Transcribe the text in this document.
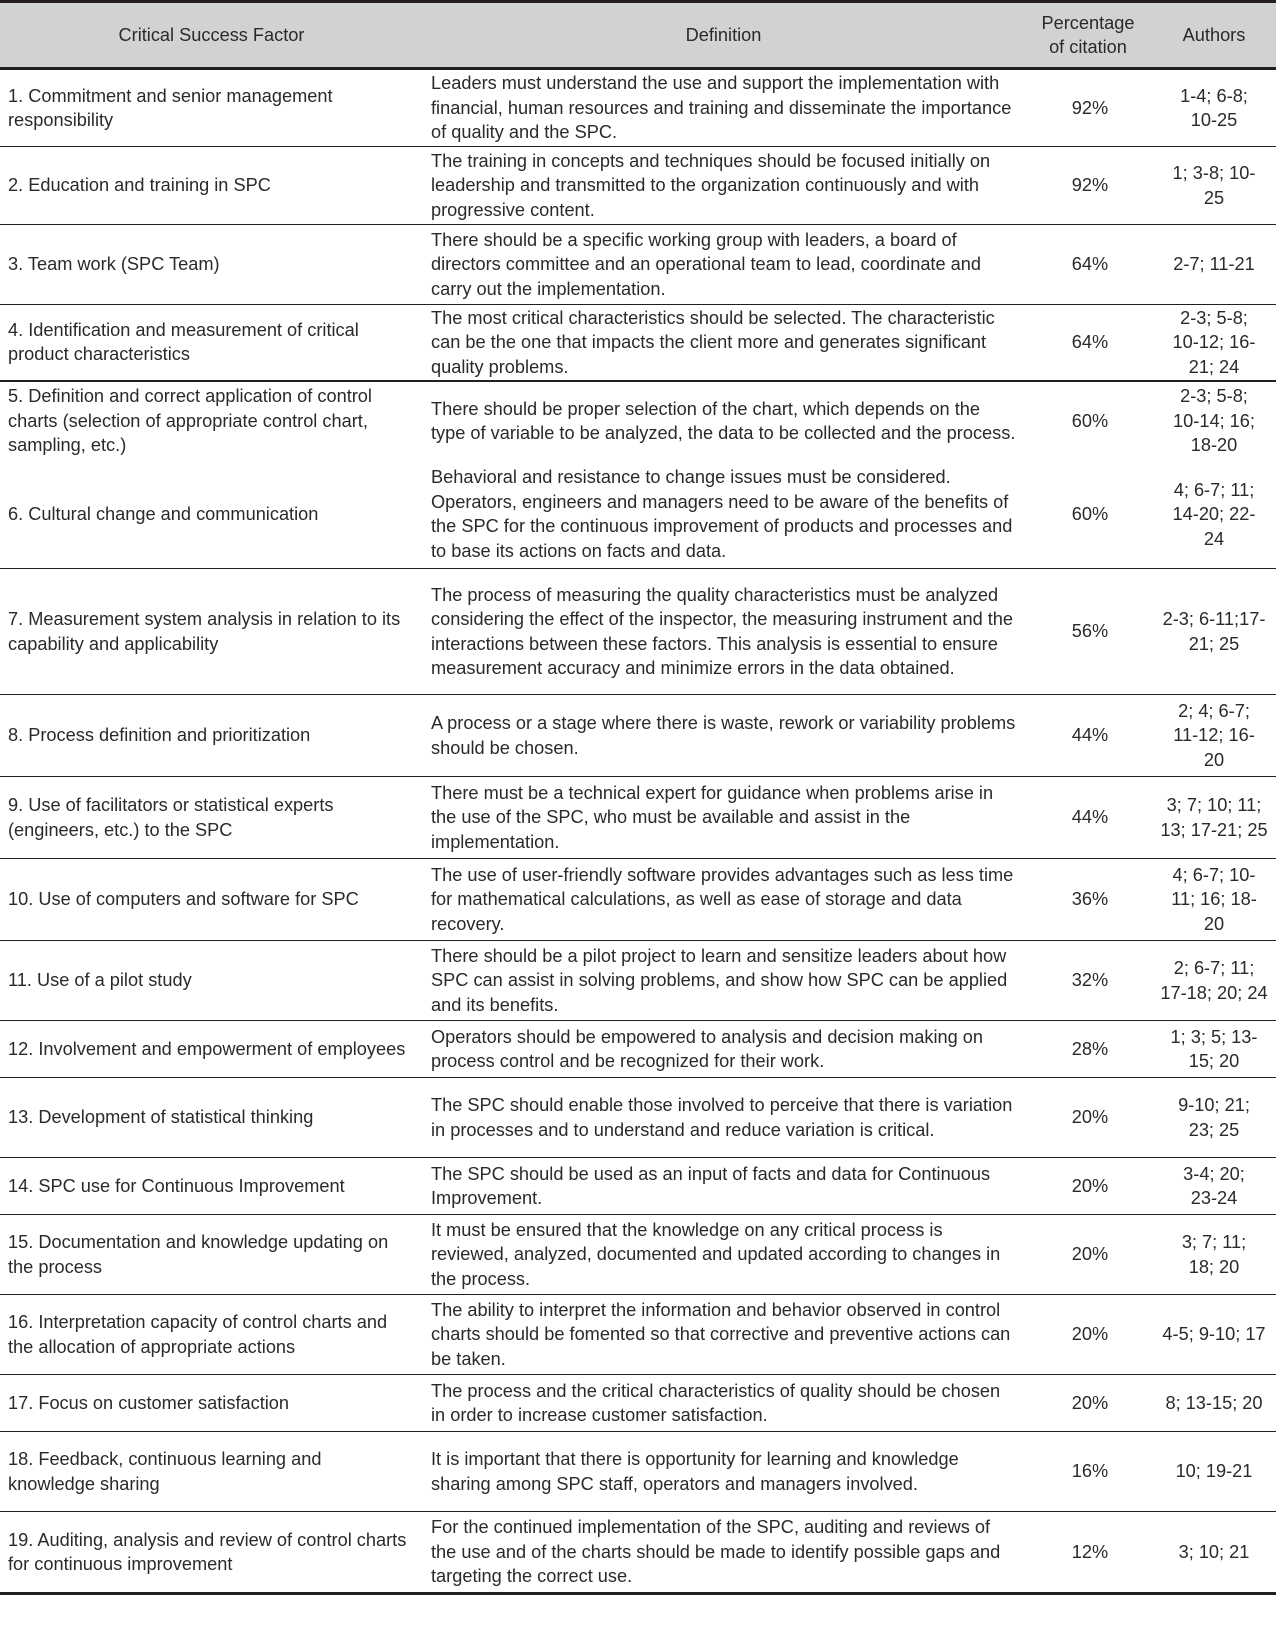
Critical Success Factor	Definition	Percentage of citation	Authors
1. Commitment and senior management responsibility	Leaders must understand the use and support the implementation with financial, human resources and training and disseminate the importance of quality and the SPC.	92%	1-4; 6-8; 10-25
2. Education and training in SPC	The training in concepts and techniques should be focused initially on leadership and transmitted to the organization continuously and with progressive content.	92%	1; 3-8; 10-25
3. Team work (SPC Team)	There should be a specific working group with leaders, a board of directors committee and an operational team to lead, coordinate and carry out the implementation.	64%	2-7; 11-21
4. Identification and measurement of critical product characteristics	The most critical characteristics should be selected. The characteristic can be the one that impacts the client more and generates significant quality problems.	64%	2-3; 5-8; 10-12; 16-21; 24
5. Definition and correct application of control charts (selection of appropriate control chart, sampling, etc.)	There should be proper selection of the chart, which depends on the type of variable to be analyzed, the data to be collected and the process.	60%	2-3; 5-8; 10-14; 16; 18-20
6. Cultural change and communication	Behavioral and resistance to change issues must be considered. Operators, engineers and managers need to be aware of the benefits of the SPC for the continuous improvement of products and processes and to base its actions on facts and data.	60%	4; 6-7; 11; 14-20; 22-24
7. Measurement system analysis in relation to its capability and applicability	The process of measuring the quality characteristics must be analyzed considering the effect of the inspector, the measuring instrument and the interactions between these factors. This analysis is essential to ensure measurement accuracy and minimize errors in the data obtained.	56%	2-3; 6-11;17-21; 25
8. Process definition and prioritization	A process or a stage where there is waste, rework or variability problems should be chosen.	44%	2; 4; 6-7; 11-12; 16-20
9. Use of facilitators or statistical experts (engineers, etc.) to the SPC	There must be a technical expert for guidance when problems arise in the use of the SPC, who must be available and assist in the implementation.	44%	3; 7; 10; 11; 13; 17-21; 25
10. Use of computers and software for SPC	The use of user-friendly software provides advantages such as less time for mathematical calculations, as well as ease of storage and data recovery.	36%	4; 6-7; 10-11; 16; 18-20
11. Use of a pilot study	There should be a pilot project to learn and sensitize leaders about how SPC can assist in solving problems, and show how SPC can be applied and its benefits.	32%	2; 6-7; 11; 17-18; 20; 24
12. Involvement and empowerment of employees	Operators should be empowered to analysis and decision making on process control and be recognized for their work.	28%	1; 3; 5; 13-15; 20
13. Development of statistical thinking	The SPC should enable those involved to perceive that there is variation in processes and to understand and reduce variation is critical.	20%	9-10; 21; 23; 25
14. SPC use for Continuous Improvement	The SPC should be used as an input of facts and data for Continuous Improvement.	20%	3-4; 20; 23-24
15. Documentation and knowledge updating on the process	It must be ensured that the knowledge on any critical process is reviewed, analyzed, documented and updated according to changes in the process.	20%	3; 7; 11; 18; 20
16. Interpretation capacity of control charts and the allocation of appropriate actions	The ability to interpret the information and behavior observed in control charts should be fomented so that corrective and preventive actions can be taken.	20%	4-5; 9-10; 17
17. Focus on customer satisfaction	The process and the critical characteristics of quality should be chosen in order to increase customer satisfaction.	20%	8; 13-15; 20
18. Feedback, continuous learning and knowledge sharing	It is important that there is opportunity for learning and knowledge sharing among SPC staff, operators and managers involved.	16%	10; 19-21
19. Auditing, analysis and review of control charts for continuous improvement	For the continued implementation of the SPC, auditing and reviews of the use and of the charts should be made to identify possible gaps and targeting the correct use.	12%	3; 10; 21
